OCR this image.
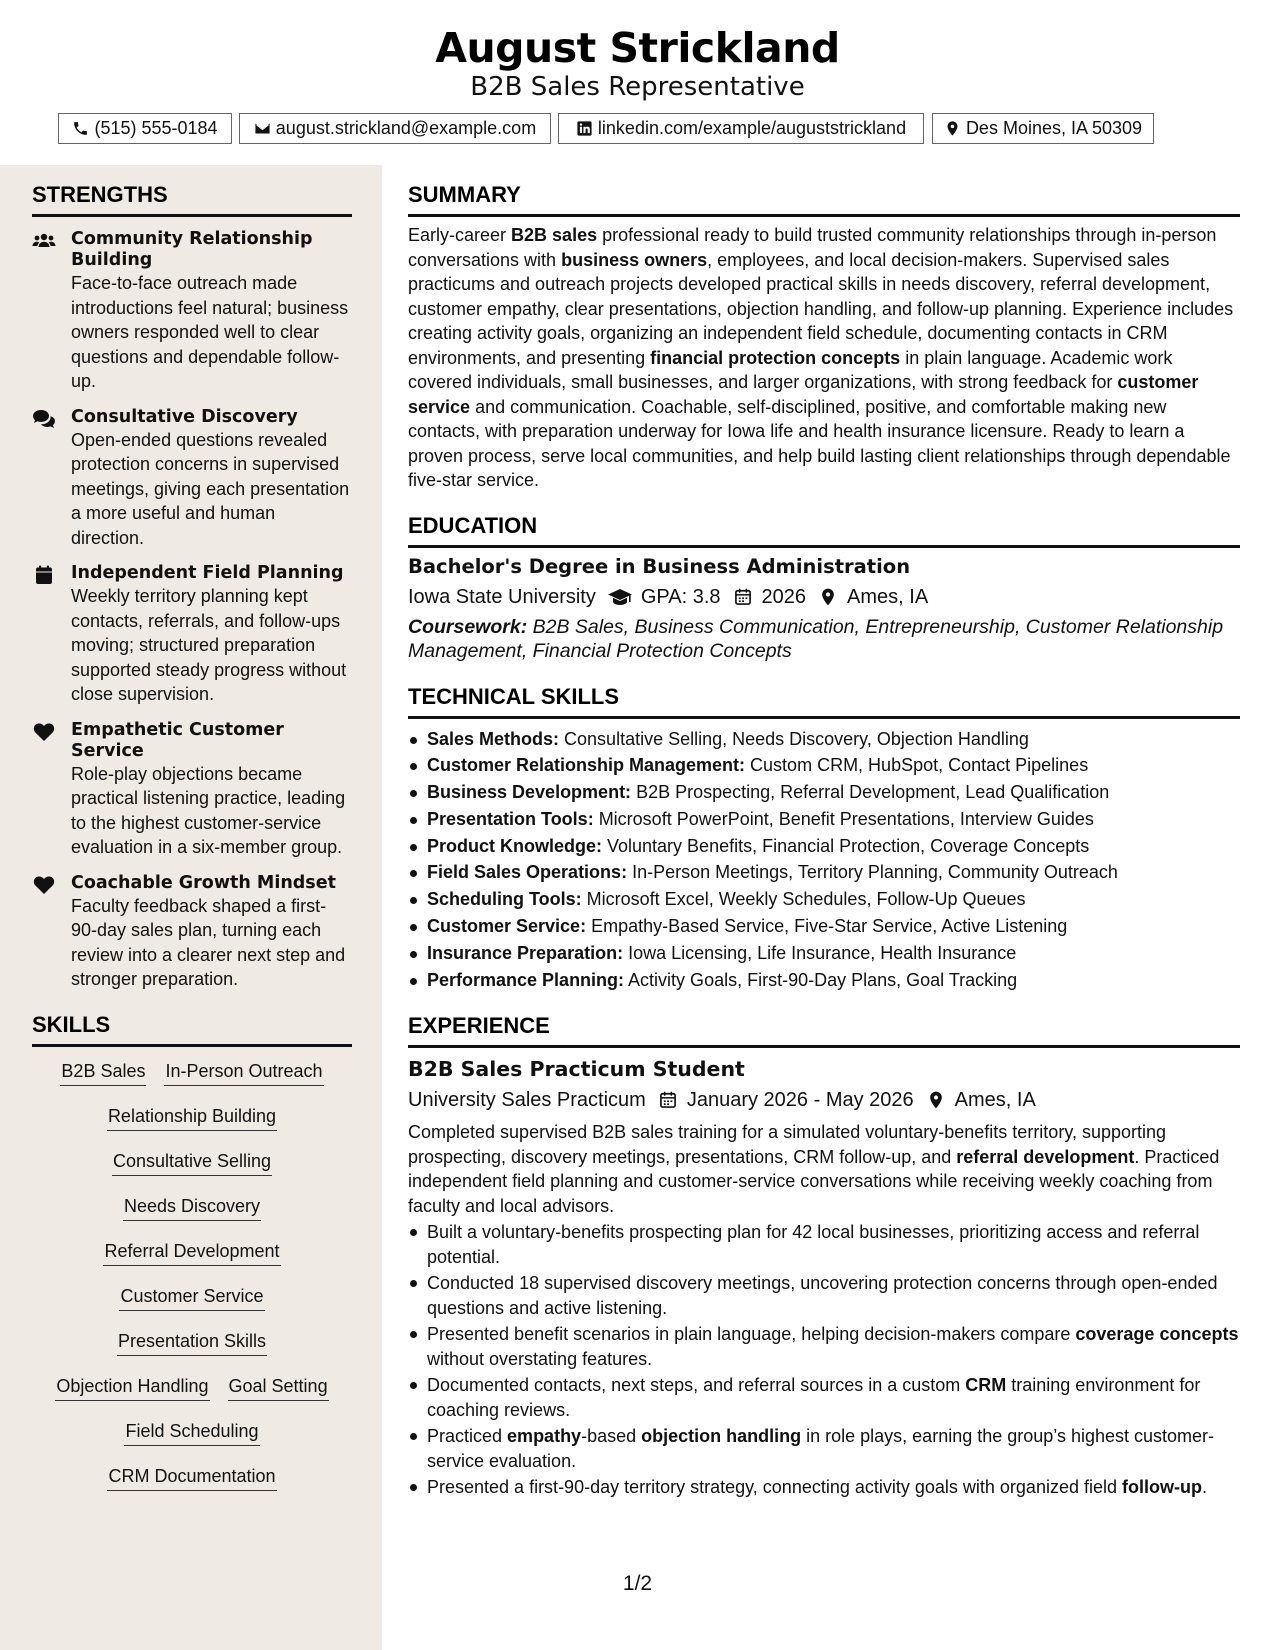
August Strickland
B2B Sales Representative
(515) 555-0184	august.strickland@example.com	linkedin.com/example/auguststrickland	Des Moines, IA 50309
STRENGTHS
Community Relationship Building
Face-to-face outreach made introductions feel natural; business owners responded well to clear questions and dependable follow-up.
Consultative Discovery
Open-ended questions revealed protection concerns in supervised meetings, giving each presentation a more useful and human direction.
Independent Field Planning
Weekly territory planning kept contacts, referrals, and follow-ups moving; structured preparation supported steady progress without close supervision.
Empathetic Customer Service
Role-play objections became practical listening practice, leading to the highest customer-service evaluation in a six-member group.
Coachable Growth Mindset
Faculty feedback shaped a first-90-day sales plan, turning each review into a clearer next step and stronger preparation.
SKILLS
B2B Sales In-Person Outreach
Relationship Building
Consultative Selling
Needs Discovery
Referral Development
Customer Service
Presentation Skills
Objection Handling Goal Setting
Field Scheduling
CRM Documentation
SUMMARY
Early-career B2B sales professional ready to build trusted community relationships through in-person conversations with business owners, employees, and local decision-makers. Supervised sales practicums and outreach projects developed practical skills in needs discovery, referral development, customer empathy, clear presentations, objection handling, and follow-up planning. Experience includes creating activity goals, organizing an independent field schedule, documenting contacts in CRM environments, and presenting financial protection concepts in plain language. Academic work covered individuals, small businesses, and larger organizations, with strong feedback for customer service and communication. Coachable, self-disciplined, positive, and comfortable making new contacts, with preparation underway for Iowa life and health insurance licensure. Ready to learn a proven process, serve local communities, and help build lasting client relationships through dependable five-star service.
EDUCATION
Bachelor's Degree in Business Administration
Iowa State University GPA: 3.8 2026 Ames, IA
Coursework: B2B Sales, Business Communication, Entrepreneurship, Customer Relationship Management, Financial Protection Concepts
TECHNICAL SKILLS
Sales Methods: Consultative Selling, Needs Discovery, Objection Handling
Customer Relationship Management: Custom CRM, HubSpot, Contact Pipelines
Business Development: B2B Prospecting, Referral Development, Lead Qualification
Presentation Tools: Microsoft PowerPoint, Benefit Presentations, Interview Guides
Product Knowledge: Voluntary Benefits, Financial Protection, Coverage Concepts
Field Sales Operations: In-Person Meetings, Territory Planning, Community Outreach
Scheduling Tools: Microsoft Excel, Weekly Schedules, Follow-Up Queues
Customer Service: Empathy-Based Service, Five-Star Service, Active Listening
Insurance Preparation: Iowa Licensing, Life Insurance, Health Insurance
Performance Planning: Activity Goals, First-90-Day Plans, Goal Tracking
EXPERIENCE
B2B Sales Practicum Student
University Sales Practicum January 2026 - May 2026 Ames, IA
Completed supervised B2B sales training for a simulated voluntary-benefits territory, supporting prospecting, discovery meetings, presentations, CRM follow-up, and referral development. Practiced independent field planning and customer-service conversations while receiving weekly coaching from faculty and local advisors.
Built a voluntary-benefits prospecting plan for 42 local businesses, prioritizing access and referral potential.
Conducted 18 supervised discovery meetings, uncovering protection concerns through open-ended questions and active listening.
Presented benefit scenarios in plain language, helping decision-makers compare coverage concepts without overstating features.
Documented contacts, next steps, and referral sources in a custom CRM training environment for coaching reviews.
Practiced empathy-based objection handling in role plays, earning the group’s highest customer-service evaluation.
Presented a first-90-day territory strategy, connecting activity goals with organized field follow-up.
1/2
